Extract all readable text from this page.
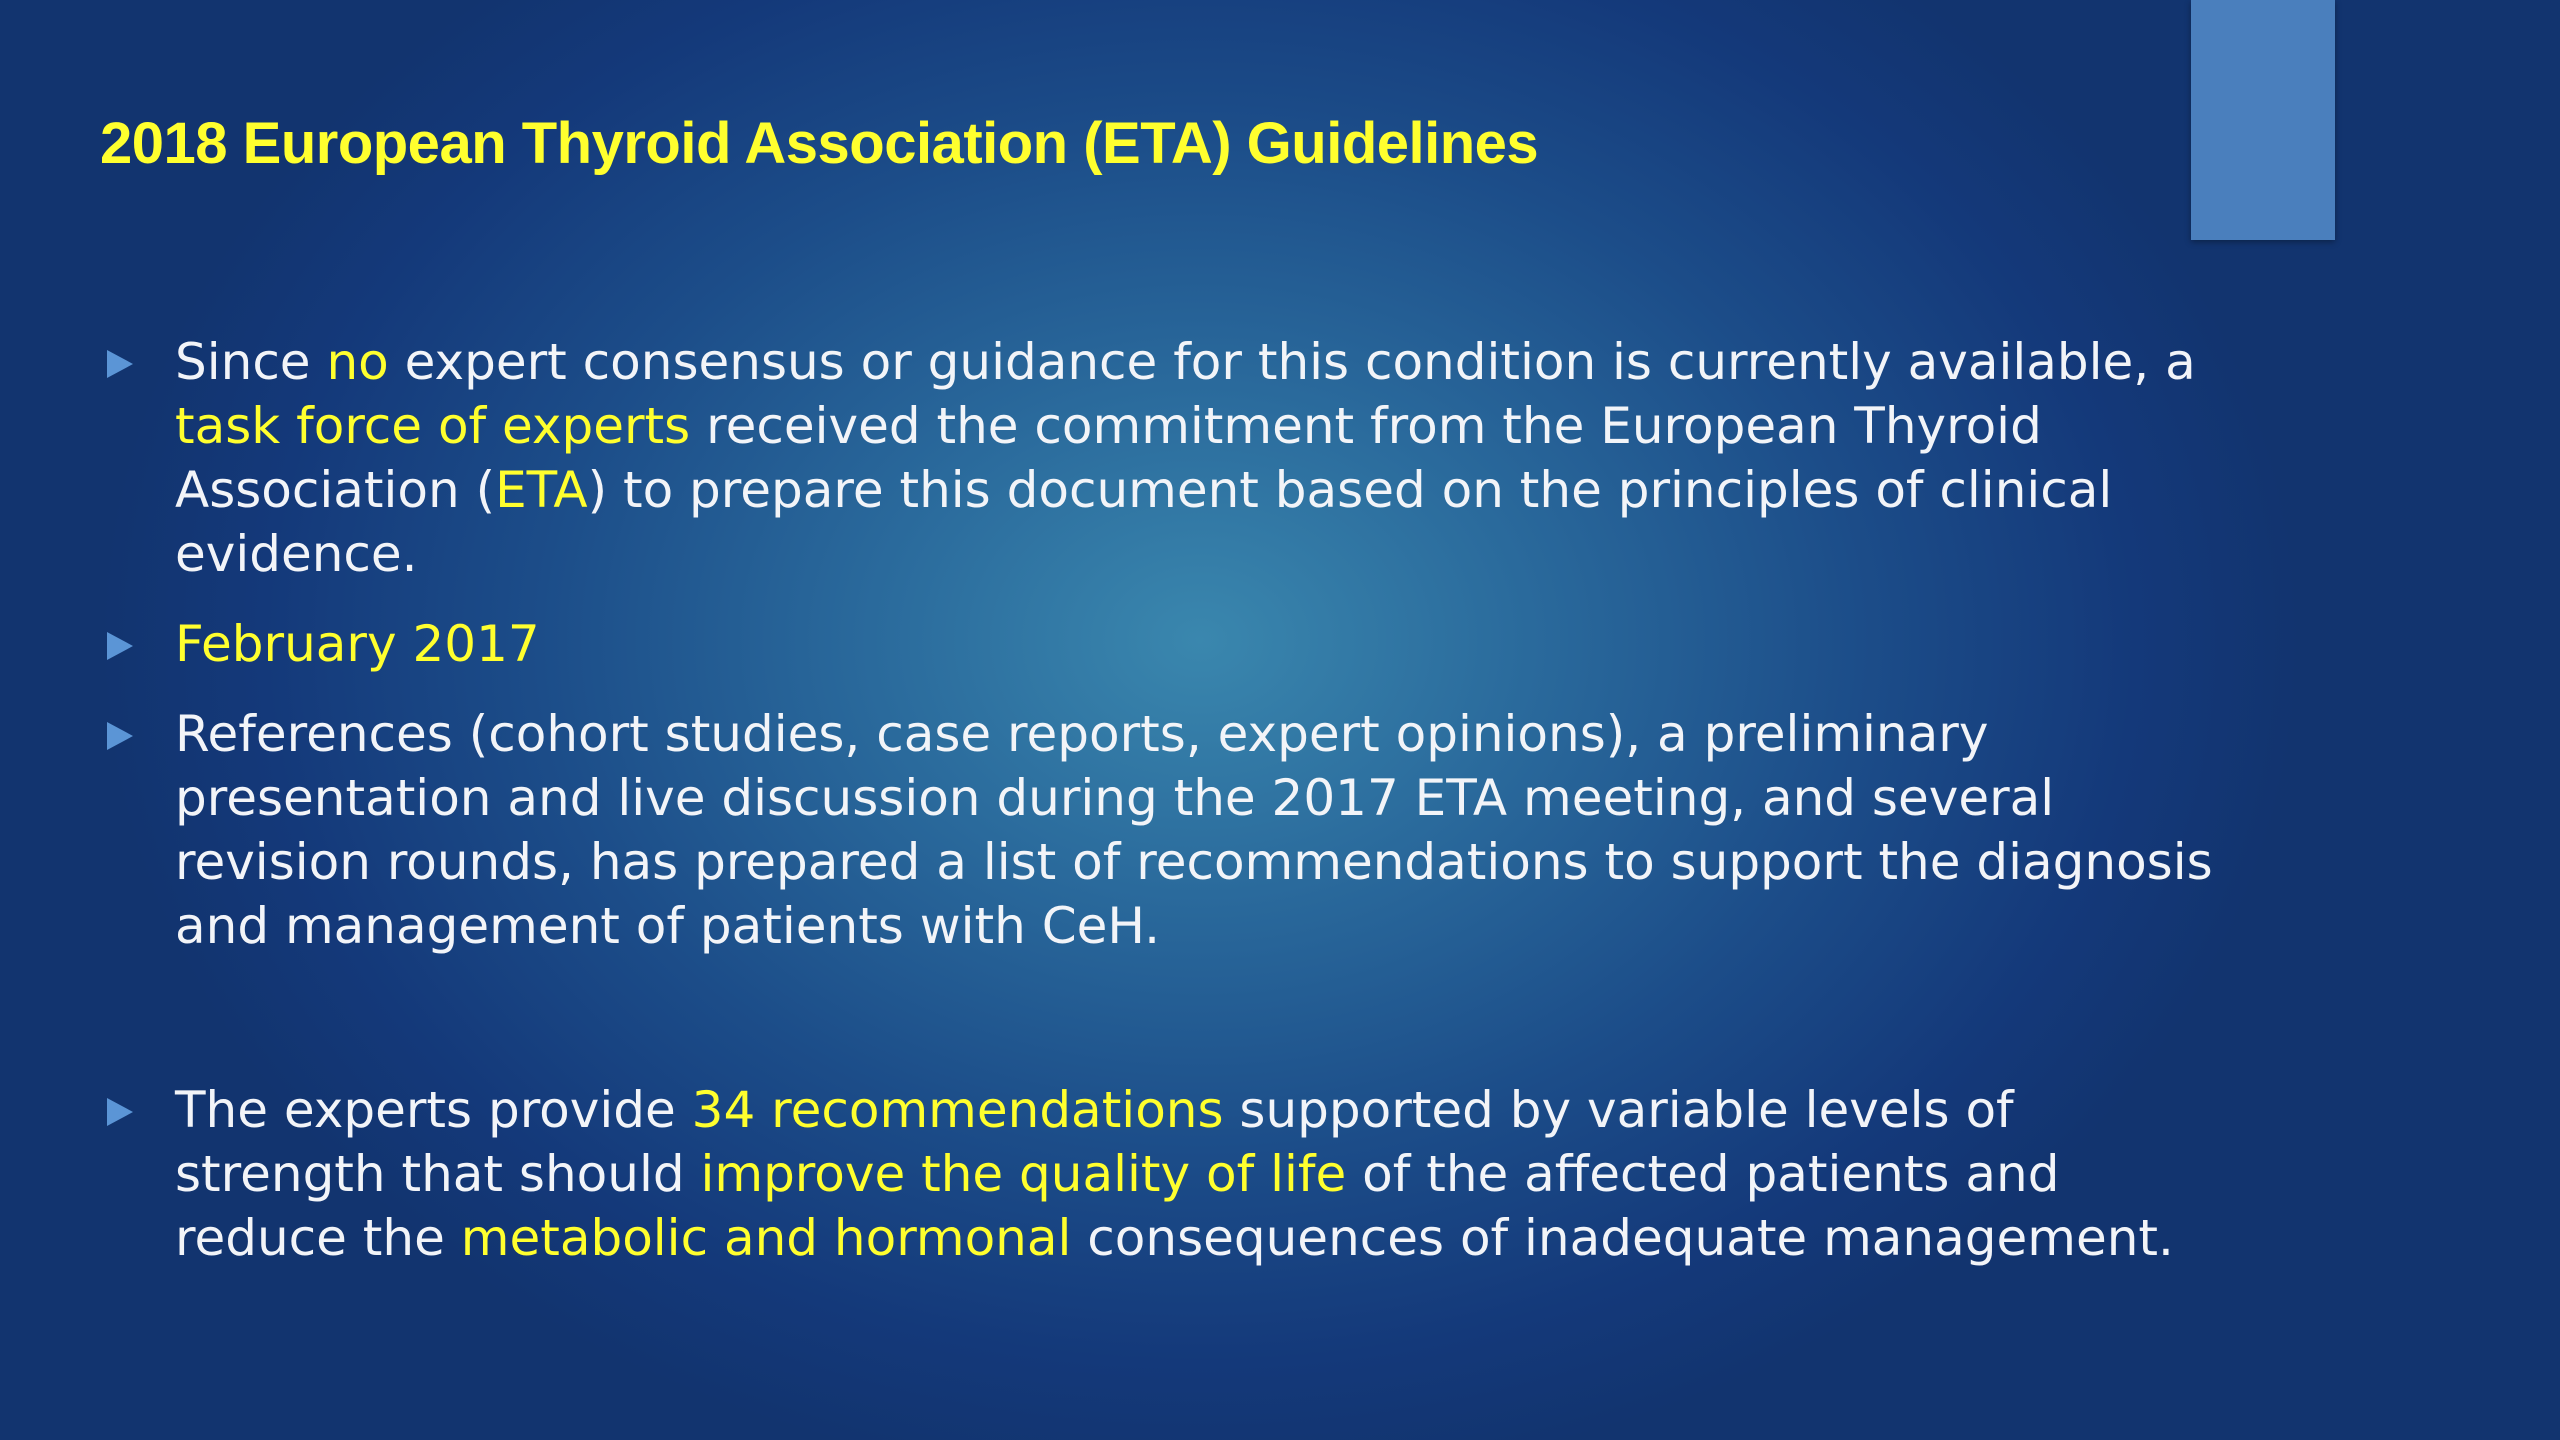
2018 European Thyroid Association (ETA) Guidelines
Since no expert consensus or guidance for this condition is currently available, a task force of experts received the commitment from the European Thyroid Association (ETA) to prepare this document based on the principles of clinical evidence.
February 2017
References (cohort studies, case reports, expert opinions), a preliminary presentation and live discussion during the 2017 ETA meeting, and several revision rounds, has prepared a list of recommendations to support the diagnosis and management of patients with CeH.
The experts provide 34 recommendations supported by variable levels of strength that should improve the quality of life of the affected patients and reduce the metabolic and hormonal consequences of inadequate management.
